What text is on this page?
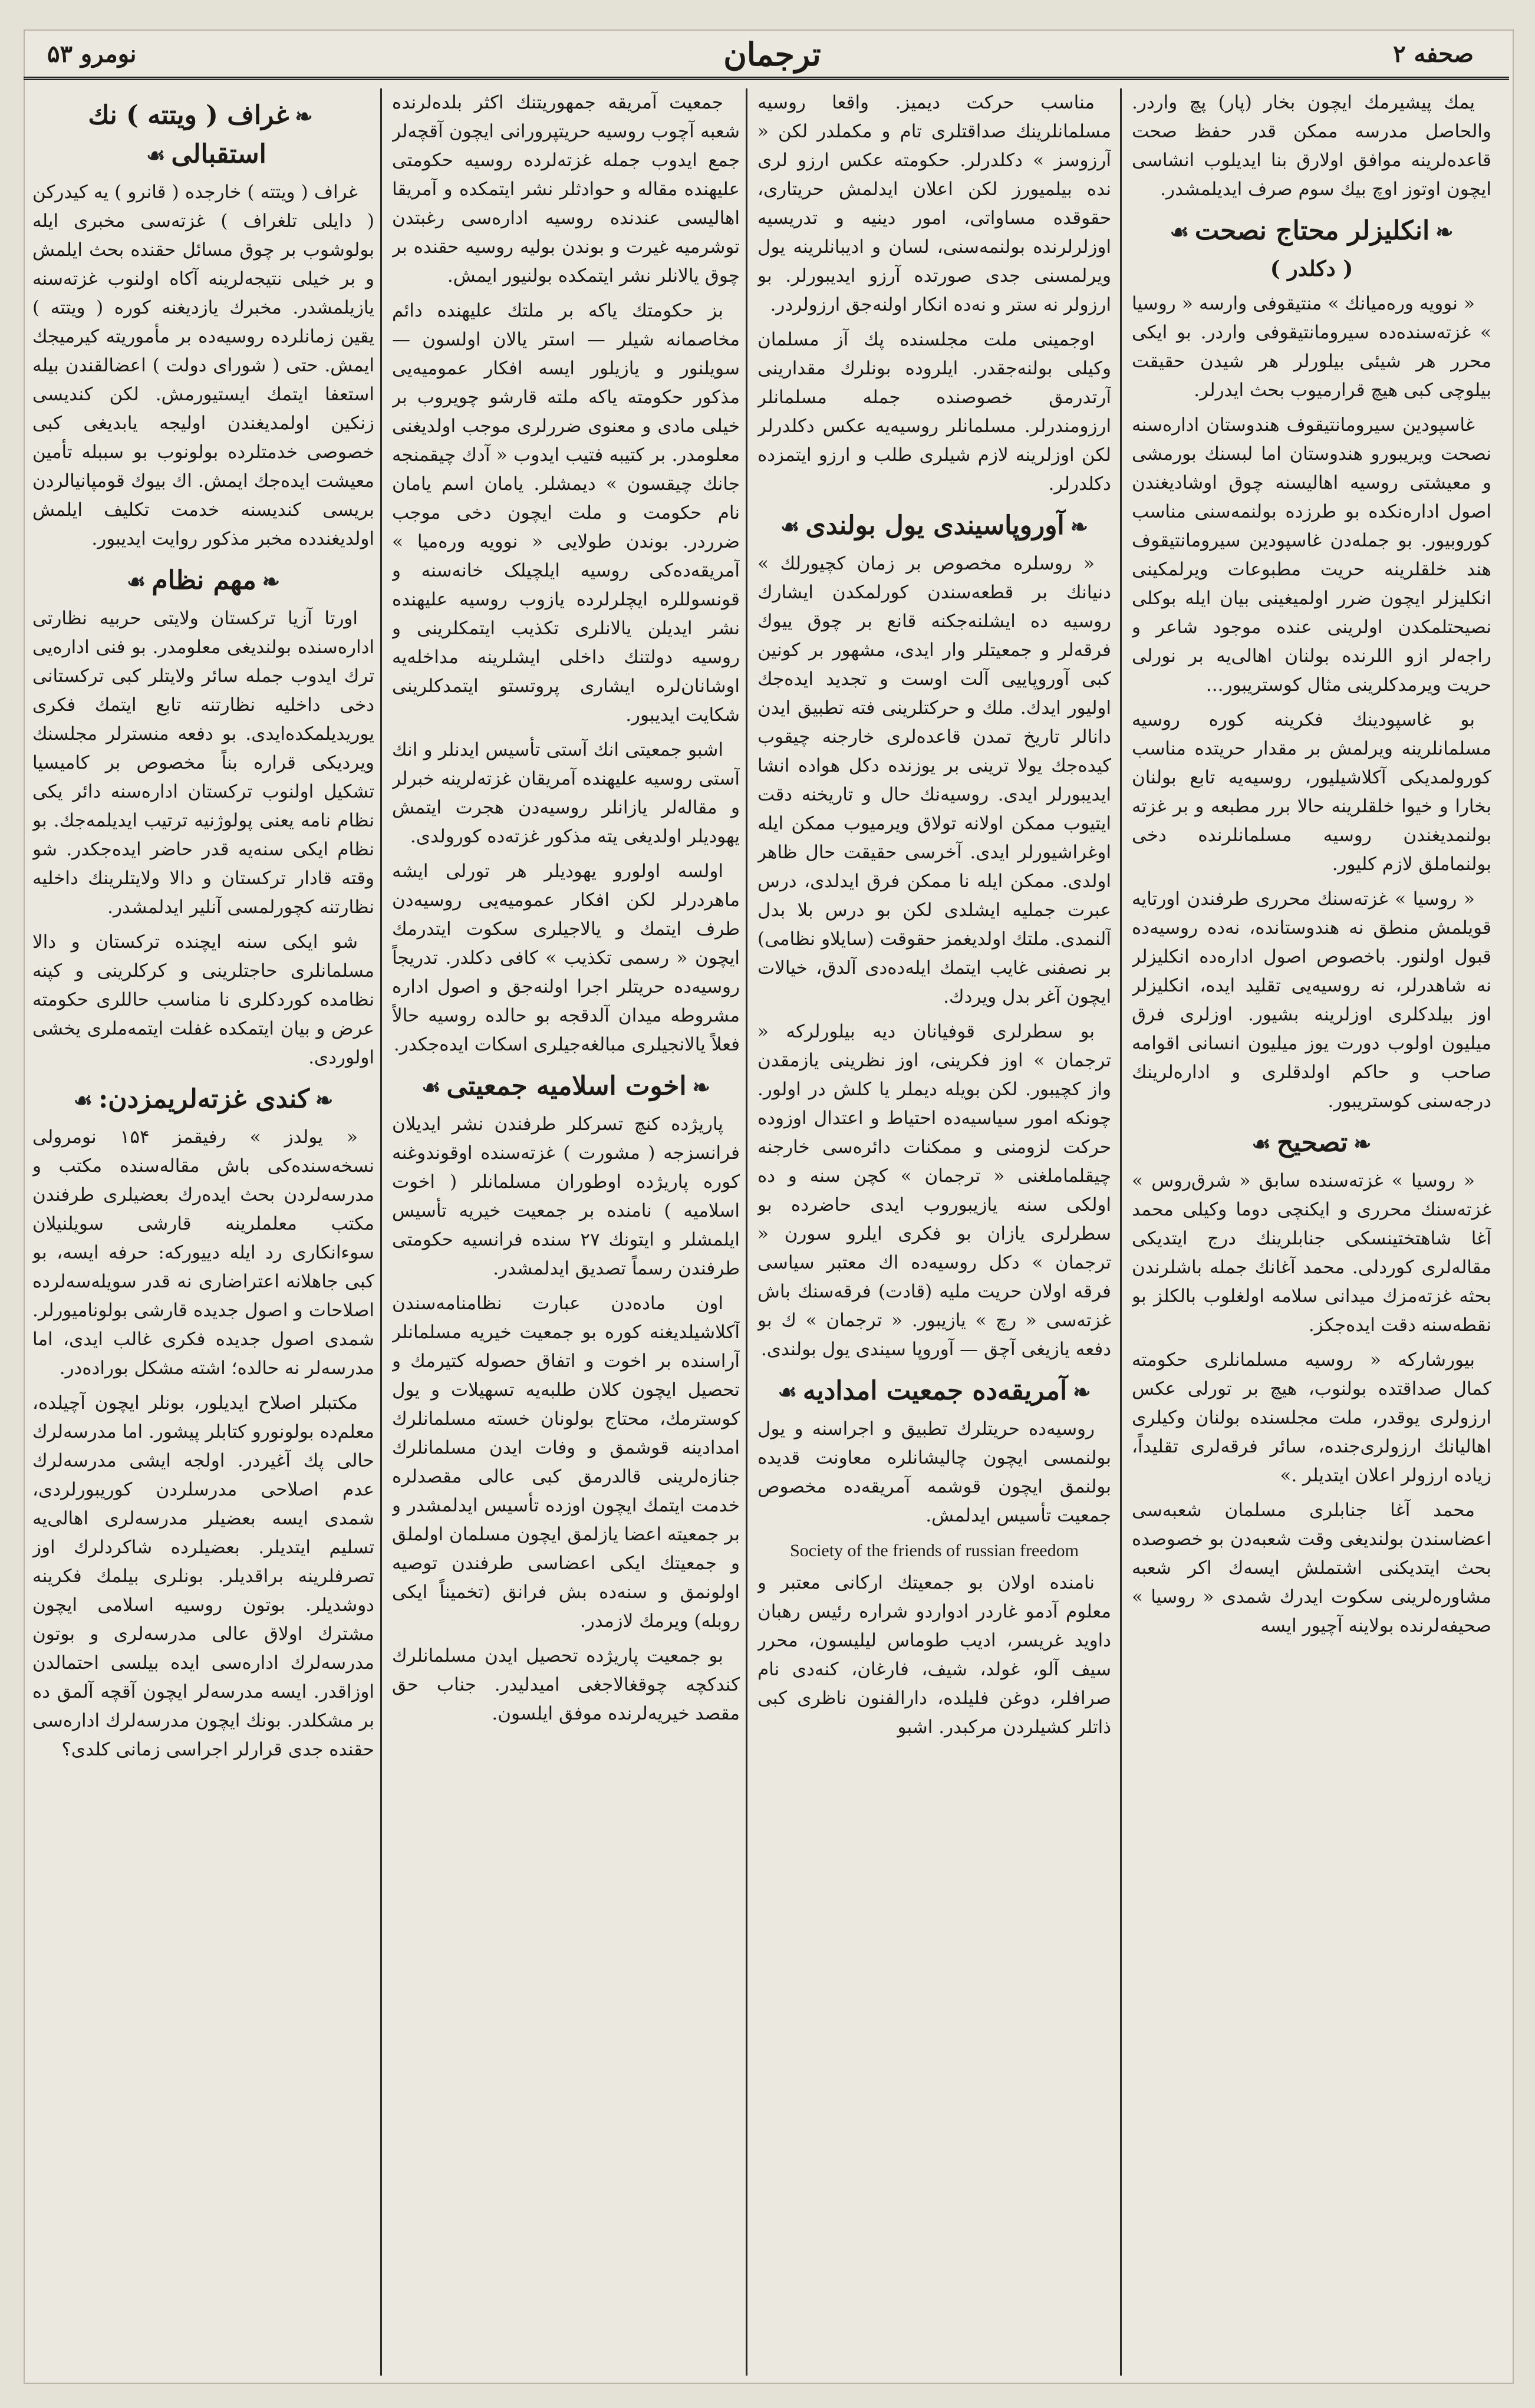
صحفه ۲
ترجمان
نومرو ۵۳

یمك پیشیرمك ایچون بخار (پار) پچ واردر. والحاصل مدرسه ممکن قدر حفظ صحت قاعده‌لرینه موافق اولارق بنا ایدیلوب انشاسی ایچون اوتوز اوچ بیك سوم صرف ایدیلمشدر.

❧انکلیزلر محتاج نصحت☙
( دکلدر )

« نوویه وره‌میانك » منتیقوفی وارسه « روسیا » غزته‌سنده‌ده سیرومانتیقوفی واردر. بو ایکی محرر هر شیئی بیلورلر هر شیدن حقیقت بیلوچی کبی هیچ قرارمیوب بحث ایدرلر.

غاسپودین سیرومانتیقوف هندوستان اداره‌سنه نصحت ویریبورو هندوستان اما لبسنك بورمشی و معیشتی روسیه اهالیسنه چوق اوشادیغندن اصول اداره‌نکده بو طرزده بولنمه‌سنی مناسب کوروبیور. بو جمله‌دن غاسپودین سیرومانتیقوف هند خلقلرینه حریت مطبوعات ویرلمکینی انکلیزلر ایچون ضرر اولمیغینی بیان ایله بوکلی نصیحتلمکدن اولرینی عنده موجود شاعر و راجه‌لر ازو اللرنده بولنان اهالی‌یه بر نورلی حریت ویرمدکلرینی مثال کوستریبور...

بو غاسپودینك فکرینه کوره روسیه مسلمانلرینه ویرلمش بر مقدار حریتده مناسب کورولمدیکی آکلاشیلیور، روسیه‌یه تابع بولنان بخارا و خیوا خلقلرینه حالا برر مطبعه و بر غزته بولنمدیغندن روسیه مسلمانلرنده دخی بولنماملق لازم کلیور.

« روسیا » غزته‌سنك محرری طرفندن اورتایه قویلمش منطق نه هندوستانده، نه‌ده روسیه‌ده قبول اولنور. باخصوص اصول اداره‌ده انکلیزلر نه شاهدرلر، نه روسیه‌یی تقلید ایده، انکلیزلر اوز بیلدکلری اوزلرینه بشیور. اوزلری فرق میلیون اولوب دورت یوز میلیون انسانی اقوامه صاحب و حاکم اولدقلری و اداره‌لرینك درجه‌سنی کوستریبور.

❧تصحیح☙

« روسیا » غزته‌سنده سابق « شرق‌روس » غزته‌سنك محرری و ایکنچی دوما وکیلی محمد آغا شاهتختینسکی جنابلرینك درج ایتدیکی مقاله‌لری کوردلی. محمد آغانك جمله باشلرندن بحثه غزته‌مزك میدانی سلامه اولغلوب بالکلز بو نقطه‌سنه دقت ایده‌جکز.

بیورشارکه « روسیه مسلمانلری حکومته کمال صداقتده بولنوب، هیچ بر تورلی عکس ارزولری یوقدر، ملت مجلسنده بولنان وکیلری اهالیانك ارزولری‌جنده، سائر فرقه‌لری تقلیداً، زیاده ارزولر اعلان ایتدیلر .»

محمد آغا جنابلری مسلمان شعبه‌سی اعضاسندن بولندیغی وقت شعبه‌دن بو خصوصده بحث ایتدیکنی اشتملش ایسه‌ك اکر شعبه مشاوره‌لرینی سکوت ایدرك شمدی « روسیا » صحیفه‌لرنده بولاینه آچیور ایسه

مناسب حرکت دیمیز. واقعا روسیه مسلمانلرینك صداقتلری تام و مکملدر لکن « آرزوسز » دکلدرلر. حکومته عکس ارزو لری نده بیلمیورز لکن اعلان ایدلمش حریتاری، حقوقده مساواتی، امور دینیه و تدریسیه اوزلرلرنده بولنمه‌سنی، لسان و ادیبانلرینه یول ویرلمسنی جدی صورتده آرزو ایدیبورلر. بو ارزولر نه ستر و نه‌ده انکار اولنه‌جق ارزولردر.

اوجمینی ملت مجلسنده پك آز مسلمان وکیلی بولنه‌جقدر. ایلروده بونلرك مقدارینی آرتدرمق خصوصنده جمله مسلمانلر ارزومندرلر. مسلمانلر روسیه‌یه عکس دکلدرلر لکن اوزلرینه لازم شیلری طلب و ارزو ایتمزده دکلدرلر.

❧آوروپاسیندی یول بولندی☙

« روسلره مخصوص بر زمان کچیورلك » دنیانك بر قطعه‌سندن کورلمکدن ایشارك روسیه ده ایشلنه‌جکنه قانع بر چوق ییوك فرقه‌لر و جمعیتلر وار ایدی، مشهور بر کونین کبی آوروپاییی آلت اوست و تجدید ایده‌جك اولیور ایدك. ملك و حرکتلرینی فته تطبیق ایدن دانالر تاریخ تمدن قاعده‌لری خارجنه چیقوب کیده‌جك یولا ترینی بر یوزنده دکل هواده انشا ایدیبورلر ایدی. روسیه‌نك حال و تاریخنه دقت ایتیوب ممکن اولانه تولاق ویرمیوب ممکن ایله اوغراشیورلر ایدی. آخرسی حقیقت حال ظاهر اولدی. ممکن ایله نا ممکن فرق ایدلدی، درس عبرت جملیه ایشلدی لکن بو درس بلا بدل آلنمدی. ملتك اولدیغمز حقوقت (سایلاو نظامی) بر نصفنی غایب ایتمك ایله‌ده‌دی آلدق، خیالات ایچون آغر بدل ویردك.

بو سطرلری قوفیانان دیه بیلورلرکه « ترجمان » اوز فکرینی، اوز نظرینی یازمقدن واز کچیبور. لکن بویله دیملر یا کلش در اولور. چونکه امور سیاسیه‌ده احتیاط و اعتدال اوزوده حرکت لزومنی و ممکنات دائره‌سی خارجنه چیقلماملغنی « ترجمان » کچن سنه و ده اولکی سنه یازیبوروب ایدی حاضرده بو سطرلری یازان بو فکری ایلرو سورن « ترجمان » دکل روسیه‌ده اك معتبر سیاسی فرقه اولان حریت ملیه (قادت) فرقه‌سنك باش غزته‌سی « رچ » یازیبور. « ترجمان » ك بو دفعه یازیغی آچق — آوروپا سیندی یول بولندی.

❧آمریقه‌ده جمعیت امدادیه☙

روسیه‌ده حریتلرك تطبیق و اجراسنه و یول بولنمسی ایچون چالیشانلره معاونت قدیده بولنمق ایچون قوشمه آمریقه‌ده مخصوص جمعیت تأسیس ایدلمش.

Society of the friends of russian freedom

نامنده اولان بو جمعیتك ارکانی معتبر و معلوم آدمو غاردر ادواردو شراره رئیس رهبان داوید غریسر، ادیب طوماس لیلیسون، محرر سیف آلو، غولد، شیف، فارغان، کنه‌دی نام صرافلر، دوغن فلیلده، دارالفنون ناظری کبی ذاتلر کشیلردن مرکبدر. اشبو

جمعیت آمریقه جمهوریتنك اکثر بلده‌لرنده شعبه آچوب روسیه حریتپرورانی ایچون آقچه‌لر جمع ایدوب جمله غزته‌لرده روسیه حکومتی علیهنده مقاله و حوادثلر نشر ایتمکده و آمریقا اهالیسی عندنده روسیه اداره‌سی رغبتدن توشرمیه غیرت و بوندن بولیه روسیه حقنده بر چوق یالانلر نشر ایتمکده بولنیور ایمش.

بز حکومتك یاکه بر ملتك علیهنده دائم مخاصمانه شیلر — استر یالان اولسون — سویلنور و یازیلور ایسه افکار عمومیه‌یی مذکور حکومته یاکه ملته قارشو چویروب بر خیلی مادی و معنوی ضررلری موجب اولدیغنی معلومدر. بر کتیبه فتیب ایدوب « آدك چیقمنجه جانك چیقسون » دیمشلر. یامان اسم یامان نام حکومت و ملت ایچون دخی موجب ضرردر. بوندن طولایی « نوویه وره‌میا » آمریقه‌ده‌کی روسیه ایلچیلک خانه‌سنه و قونسوللره ایچلرلرده یازوب روسیه علیهنده نشر ایدیلن یالانلری تکذیب ایتمکلرینی و روسیه دولتنك داخلی ایشلرینه مداخله‌یه اوشانان‌لره ایشاری پروتستو ایتمدکلرینی شکایت ایدیبور.

اشبو جمعیتی انك آستی تأسیس ایدنلر و انك آستی روسیه علیهنده آمریقان غزته‌لرینه خبرلر و مقاله‌لر یازانلر روسیه‌دن هجرت ایتمش یهودیلر اولدیغی یته مذکور غزته‌ده کورولدی.

اولسه اولورو یهودیلر هر تورلی ایشه ماهردرلر لکن افکار عمومیه‌یی روسیه‌دن طرف ایتمك و یالاجیلری سکوت ایتدرمك ایچون « رسمی تکذیب » کافی دکلدر. تدریجاً روسیه‌ده حریتلر اجرا اولنه‌جق و اصول اداره مشروطه میدان آلدقجه بو حالده روسیه حالاً فعلاً یالانجیلری مبالغه‌جیلری اسکات ایده‌جکدر.

❧اخوت اسلامیه جمعیتی☙

پاریژده کنچ تسرکلر طرفندن نشر ایدیلان فرانسزجه ( مشورت ) غزته‌سنده اوقوندوغنه کوره پاریژده اوطوران مسلمانلر ( اخوت اسلامیه ) نامنده بر جمعیت خیریه تأسیس ایلمشلر و ایتونك ۲۷ سنده فرانسیه حکومتی طرفندن رسماً تصدیق ایدلمشدر.

اون ماده‌دن عبارت نظامنامه‌سندن آکلاشیلدیغنه کوره بو جمعیت خیریه مسلمانلر آراسنده بر اخوت و اتفاق حصوله کتیرمك و تحصیل ایچون کلان طلبه‌یه تسهیلات و یول کوسترمك، محتاج بولونان خسته مسلمانلرك امدادینه قوشمق و وفات ایدن مسلمانلرك جنازه‌لرینی قالدرمق کبی عالی مقصدلره خدمت ایتمك ایچون اوزده تأسیس ایدلمشدر و بر جمعیته اعضا یازلمق ایچون مسلمان اولملق و جمعیتك ایکی اعضاسی طرفندن توصیه اولونمق و سنه‌ده بش فرانق (تخمیناً ایکی روبله) ویرمك لازمدر.

بو جمعیت پاریژده تحصیل ایدن مسلمانلرك کندکچه چوقغالاجغی امیدلیدر. جناب حق مقصد خیریه‌لرنده موفق ایلسون.

❧غراف ( ویتته ) نك استقبالی☙

غراف ( ویتته ) خارجده ( قانرو ) یه کیدرکن ( دایلی تلغراف ) غزته‌سی مخبری ایله بولوشوب بر چوق مسائل حقنده بحث ایلمش و بر خیلی نتیجه‌لرینه آکاه اولنوب غزته‌سنه یازیلمشدر. مخبرك یازدیغنه کوره ( ویتته ) یقین زمانلرده روسیه‌ده بر مأموریته کیرمیجك ایمش. حتی ( شورای دولت ) اعضالقندن بیله استعفا ایتمك ایستیورمش. لکن کندیسی زنکین اولمدیغندن اولیجه یابدیغی کبی خصوصی خدمتلرده بولونوب بو سببله تأمین معیشت ایده‌جك ایمش. اك بیوك قومپانیالردن بریسی کندیسنه خدمت تکلیف ایلمش اولدیغندده مخبر مذکور روایت ایدیبور.

❧مهم نظام☙

اورتا آزیا ترکستان ولایتی حربیه نظارتی اداره‌سنده بولندیغی معلومدر. بو فنی اداره‌یی ترك ایدوب جمله سائر ولایتلر کبی ترکستانی دخی داخلیه نظارتنه تابع ایتمك فکری یوریدیلمکده‌ایدی. بو دفعه منسترلر مجلسنك ویردیکی قراره بناً مخصوص بر کامیسیا تشکیل اولنوب ترکستان اداره‌سنه دائر یکی نظام نامه یعنی پولوژنیه ترتیب ایدیلمه‌جك. بو نظام ایکی سنه‌یه قدر حاضر ایده‌جکدر. شو وقته قادار ترکستان و دالا ولایتلرینك داخلیه نظارتنه کچورلمسی آنلیر ایدلمشدر.

شو ایکی سنه ایچنده ترکستان و دالا مسلمانلری حاجتلرینی و کرکلرینی و کپنه نظامده کوردکلری نا مناسب حاللری حکومته عرض و بیان ایتمکده غفلت ایتمه‌ملری یخشی اولوردی.

❧کندی غزته‌لریمزدن:☙

« یولدز » رفیقمز ۱۵۴ نومرولی نسخه‌سنده‌کی باش مقاله‌سنده مکتب و مدرسه‌لردن بحث ایده‌رك بعضیلری طرفندن مکتب معلملرینه قارشی سویلنیلان سوءانکاری رد ایله دییورکه: حرفه ایسه، بو کبی جاهلانه اعتراضاری نه قدر سویله‌سه‌لرده اصلاحات و اصول جدیده قارشی بولونامیورلر. شمدی اصول جدیده فکری غالب ایدی، اما مدرسه‌لر نه حالده؛ اشته مشکل بوراده‌در.

مکتبلر اصلاح ایدیلور، بونلر ایچون آچیلده، معلم‌ده بولونورو کتابلر پیشور. اما مدرسه‌لرك حالی پك آغیردر. اولجه ایشی مدرسه‌لرك عدم اصلاحی مدرسلردن کوریبورلردی، شمدی ایسه بعضیلر مدرسه‌لری اهالی‌یه تسلیم ایتدیلر. بعضیلرده شاکردلرك اوز تصرفلرینه براقدیلر. بونلری بیلمك فکرینه دوشدیلر. بوتون روسیه اسلامی ایچون مشترك اولاق عالی مدرسه‌لری و بوتون مدرسه‌لرك اداره‌سی ایده بیلسی احتمالدن اوزاقدر. ایسه مدرسه‌لر ایچون آقچه آلمق ده بر مشکلدر. بونك ایچون مدرسه‌لرك اداره‌سی حقنده جدی قرارلر اجراسی زمانی کلدی؟
